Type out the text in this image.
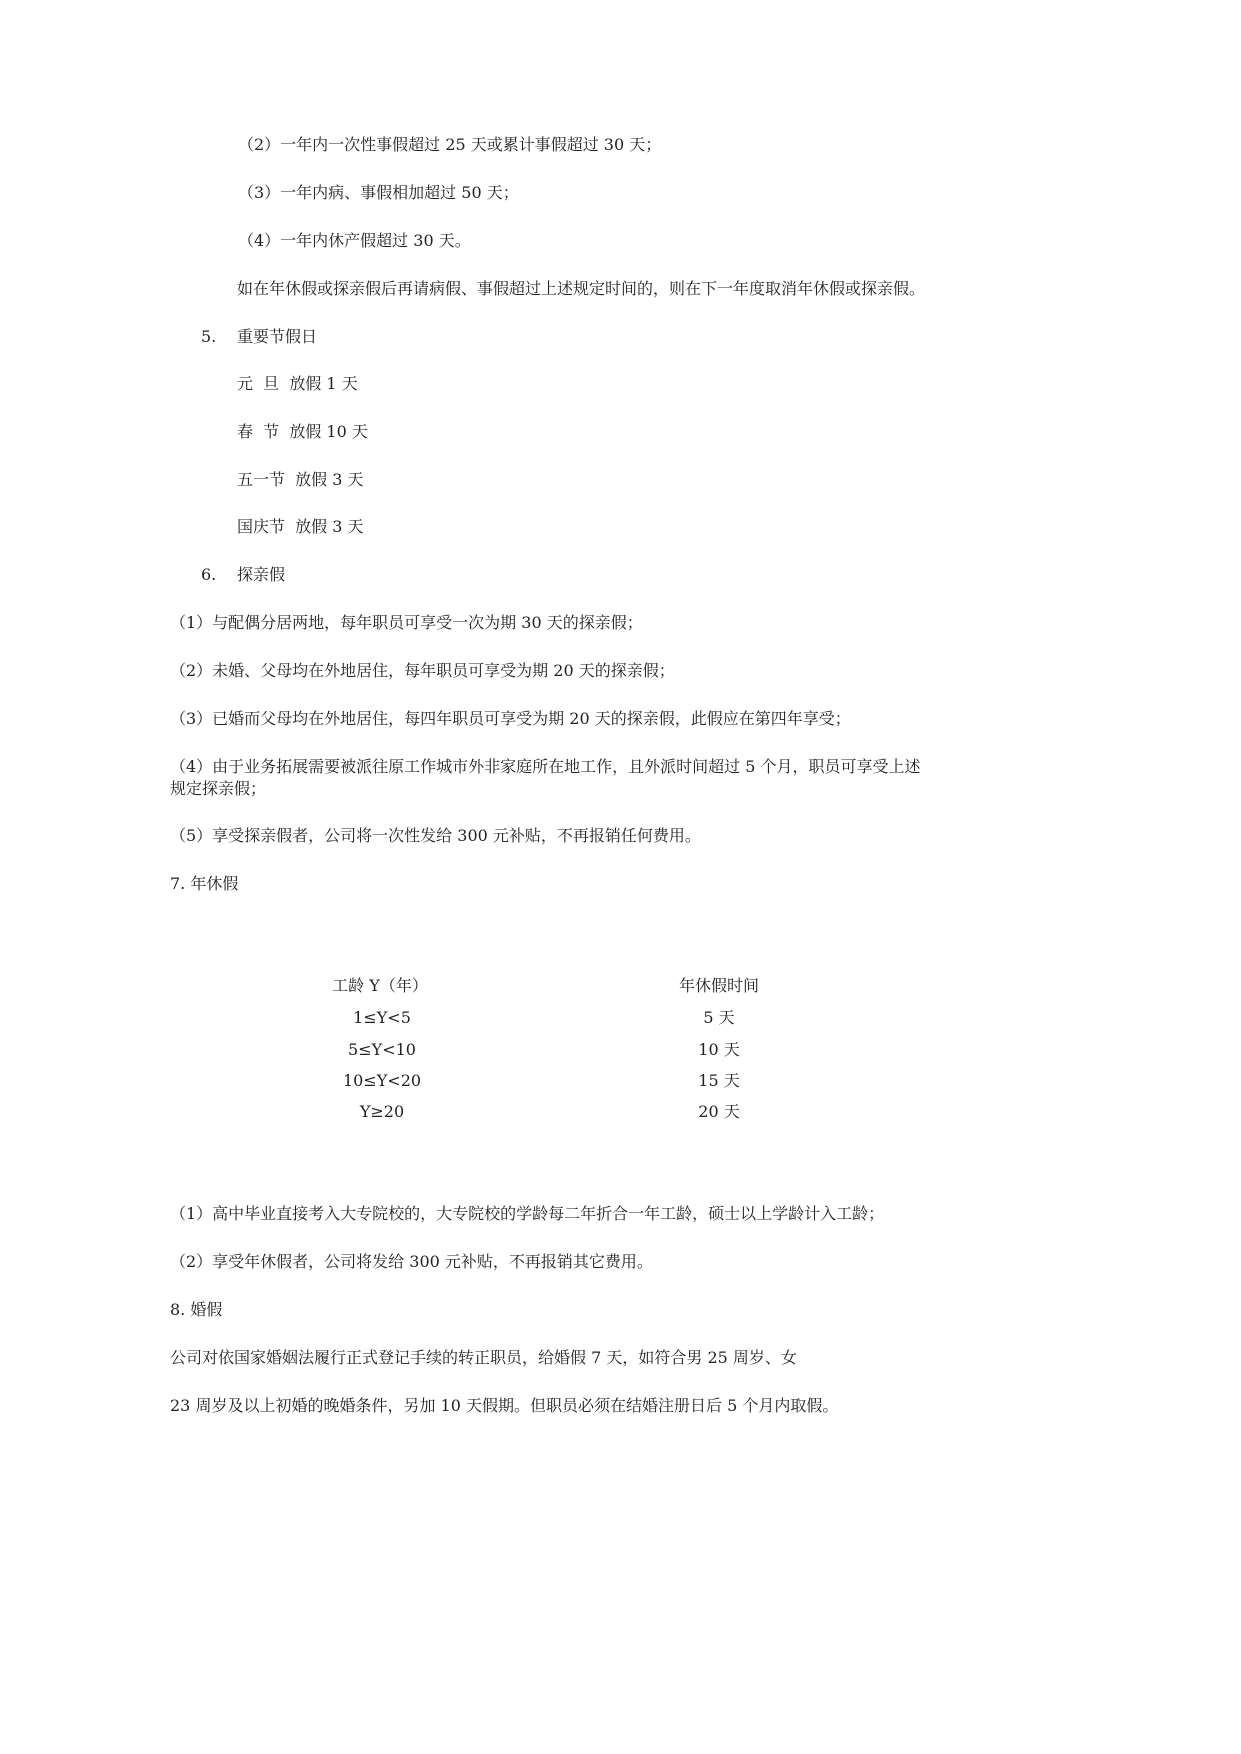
（2）一年内一次性事假超过 25 天或累计事假超过 30 天；
（3）一年内病、事假相加超过 50 天；
（4）一年内休产假超过 30 天。
如在年休假或探亲假后再请病假、事假超过上述规定时间的，则在下一年度取消年休假或探亲假。
5. 重要节假日
元  旦  放假 1 天
春  节  放假 10 天
五一节  放假 3 天
国庆节  放假 3 天
6. 探亲假
（1）与配偶分居两地，每年职员可享受一次为期 30 天的探亲假；
（2）未婚、父母均在外地居住，每年职员可享受为期 20 天的探亲假；
（3）已婚而父母均在外地居住，每四年职员可享受为期 20 天的探亲假，此假应在第四年享受；
（4）由于业务拓展需要被派往原工作城市外非家庭所在地工作，且外派时间超过 5 个月，职员可享受上述
规定探亲假；
（5）享受探亲假者，公司将一次性发给 300 元补贴，不再报销任何费用。
7. 年休假
工龄 Y（年）	年休假时间
1≤Y<5	5 天
5≤Y<10	10 天
10≤Y<20	15 天
Y≥20	20 天
（1）高中毕业直接考入大专院校的，大专院校的学龄每二年折合一年工龄，硕士以上学龄计入工龄；
（2）享受年休假者，公司将发给 300 元补贴，不再报销其它费用。
8. 婚假
公司对依国家婚姻法履行正式登记手续的转正职员，给婚假 7 天，如符合男 25 周岁、女
23 周岁及以上初婚的晚婚条件，另加 10 天假期。但职员必须在结婚注册日后 5 个月内取假。
